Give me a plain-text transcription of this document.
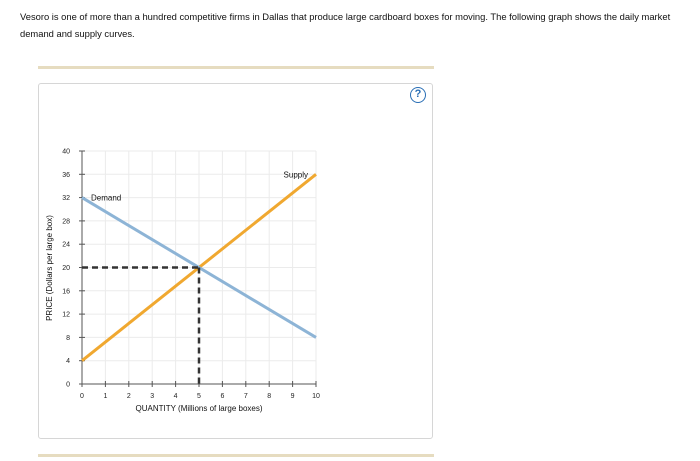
Vesoro is one of more than a hundred competitive firms in Dallas that produce large cardboard boxes for moving. The following graph shows the daily market demand and supply curves.
?
0	1	2	3	4	5	6	7	8	9	10
0
4
8
12
16
20
24
28
32
36
40
Supply
Demand
QUANTITY (Millions of large boxes)
PRICE (Dollars per large box)
